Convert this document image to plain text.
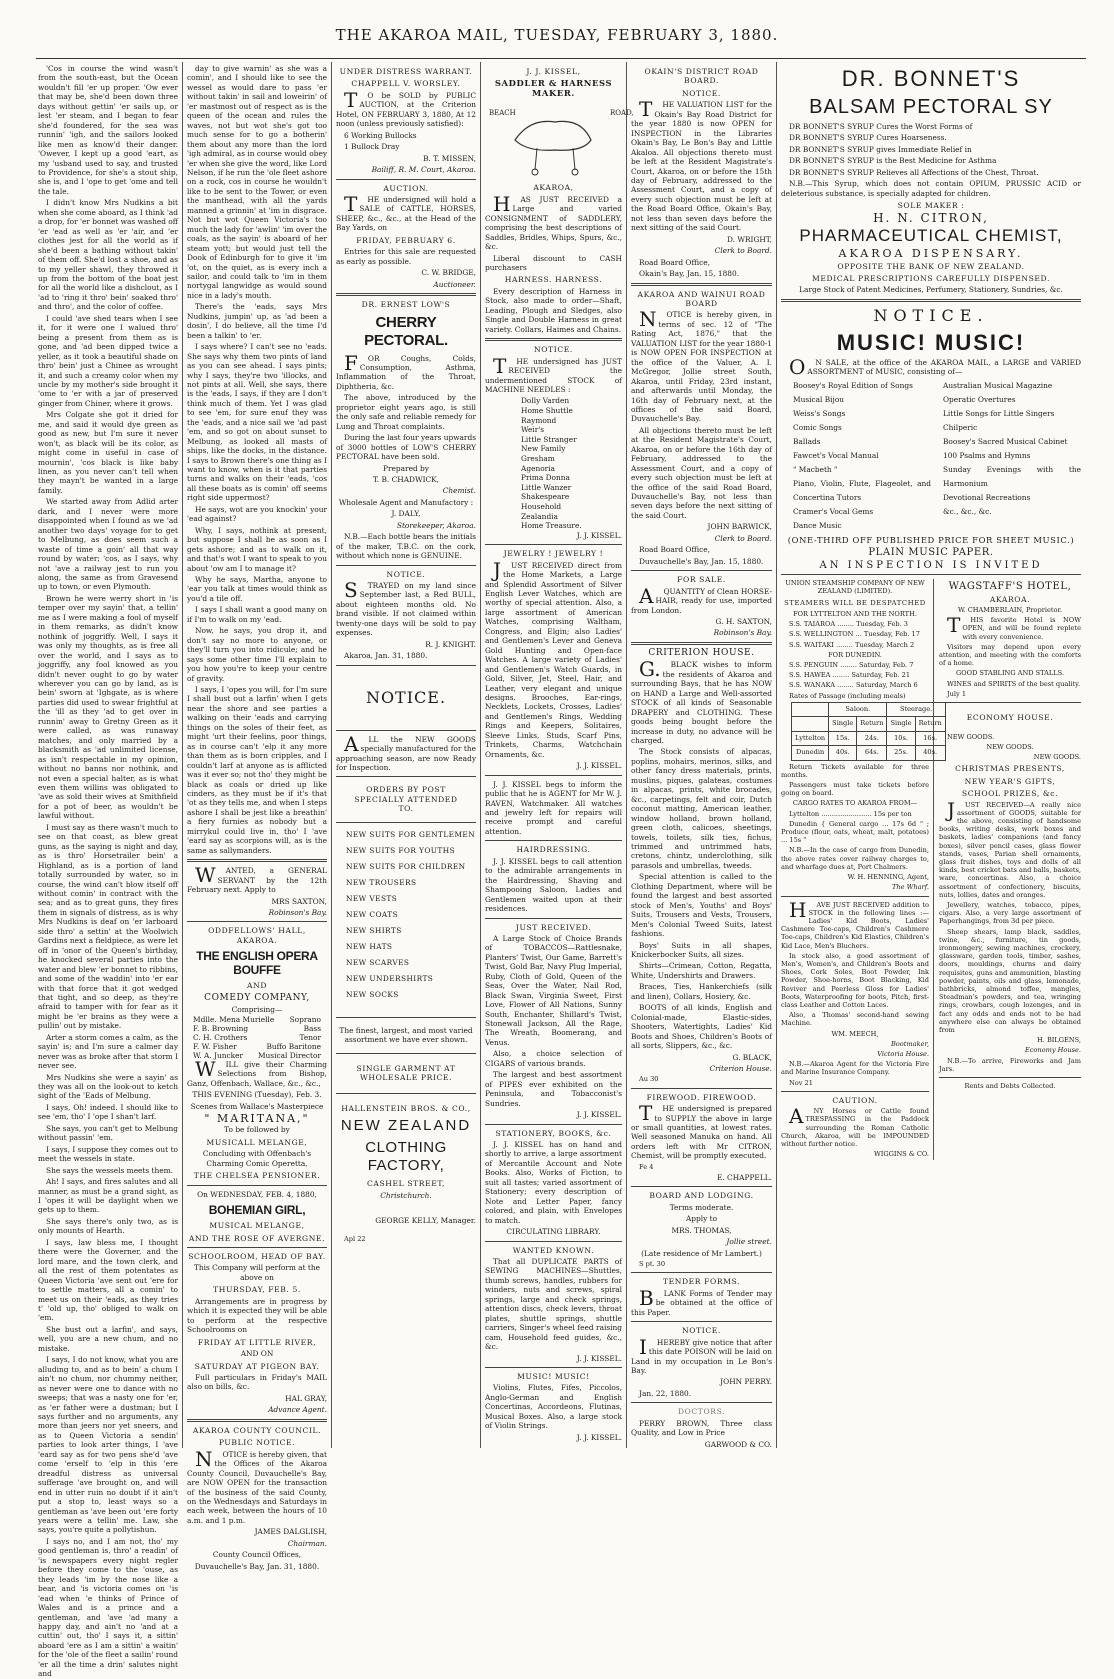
THE AKAROA MAIL, TUESDAY, FEBRUARY 3, 1880.

'Cos in course the wind wasn't from the south-east, but the Ocean wouldn't fill 'er up proper. 'Ow ever that may be, she'd been down three days without gettin' 'er sails up, or lest 'er steam, and I began to fear she'd foundered, for the sea was runnin' 'igh, and the sailors looked like men as know'd their danger. 'Owever, I kept up a good 'eart, as my 'usband used to say, and trusted to Providence, for she's a stout ship, she is, and I 'ope to get 'ome and tell the tale.

I didn't know Mrs Nudkins a bit when she come aboard, as I think 'ad a drop, for 'er bonnet was washed off 'er 'ead as well as 'er 'air, and 'er clothes jest for all the world as if she'd been a bathing without takin' of them off. She'd lost a shoe, and as to my yeller shawl, they throwed it up from the bottom of the boat jest for all the world like a dishclout, as I 'ad to 'ring it thro' bein' soaked thro' and thro', and the color of coffee.

I could 'ave shed tears when I see it, for it were one I walued thro' being a present from them as is gone, and 'ad been dipped twice a yeller, as it took a beautiful shade on thro' bein' just a Chinee as wrought it, and such a creamy color when my uncle by my mother's side brought it 'ome to 'er with a jar of preserved ginger from Chiner, where it grows.

Mrs Colgate she got it dried for me, and said it would dye green as good as new, but I'm sure it never won't, as black will be its color, as might come in useful in case of mournin', 'cos black is like baby linen, as you never can't tell when they mayn't be wanted in a large family.

We started away from Adlid arter dark, and I never were more disappointed when I found as we 'ad another two days' voyage for to get to Melbung, as does seem such a waste of time a goin' all that way round by water; 'cos, as I says, why not 'ave a railway jest to run you along, the same as from Gravesend up to town, or even Plymouth.

Brown he were werry short in 'is temper over my sayin' that, a tellin' me as I were making a fool of myself in them remarks, as didn't know nothink of joggriffy. Well, I says it was only my thoughts, as is free all over the world, and I says as to joggriffy, any fool knowed as you didn't never ought to go by water wherever you can go by land, as is bein' sworn at 'Ighgate, as is where parties did used to swear frightful at the 'ill as they 'ad to get over in runnin' away to Gretny Green as it were called, as was runaway matches, and only married by a blacksmith as 'ad unlimited license, as isn't respectable in my opinion, without no banns nor nothink, and not even a special halter, as is what even them willins was obligated to 'ave as sold their wives at Smithfield for a pot of beer, as wouldn't be lawful without.

I must say as there wasn't much to see on that coast, as blew great guns, as the saying is night and day, as is thro' Horsetrailer bein' a Highland, as is a portion of land totally surrounded by water, so in course, the wind can't blow itself off without comin' in contract with the sea; and as to great guns, they fires them in signals of distress, as is why Mrs Nudkins is deaf on 'er larboard side thro' a settin' at the Woolwich Gardins next a fieldpiece, as were let off in 'onor of the Queen's birthday, he knocked several parties into the water and blew 'er bonnet to ribbins, and some of the waddin' into 'er ear with that force that it got wedged that tight, and so deep, as they're afraid to tamper with for fear as it might be 'er brains as they were a pullin' out by mistake.

Arter a storm comes a calm, as the sayin' is; and I'm sure a calmer day never was as broke after that storm I never see.

Mrs Nudkins she were a sayin' as they was all on the look-out to ketch sight of the 'Eads of Melbung.

I says, Oh! indeed. I should like to see 'em, tho' I 'ope I shan't larf.

She says, you can't get to Melbung without passin' 'em.

I says, I suppose they comes out to meet the wessels in state.

She says the wessels meets them.

Ah! I says, and fires salutes and all manner, as must be a grand sight, as I 'opes it will be daylight when we gets up to them.

She says there's only two, as is only mounts of Hearth.

I says, law bless me, I thought there were the Governer, and the lord mare, and the town clerk, and all the rest of them potentates as Queen Victoria 'ave sent out 'ere for to settle matters, all a comin' to meet us on their 'eads, as they tries t' 'old up, tho' obliged to walk on 'em.

She bust out a larfin', and says, well, you are a new chum, and no mistake.

I says, I do not know, what you are alluding to, and as to bein' a chum I ain't no chum, nor chummy neither, as never were one to dance with no sweeps; that was a nasty one for 'er, as 'er father were a dustman; but I says further and no arguments, any more than jeers nor yet sneers, and as to Queen Victoria a sendin' parties to look arter things, I 'ave 'eard say as for two pens she'd 'ave come 'erself to 'elp in this 'ere dreadful distress as universal sufferage 'ave brought on, and will end in utter ruin no doubt if it ain't put a stop to, least ways so a gentleman as 'ave been out 'ere forty years were a tellin' me. Law, she says, you're quite a pollytishun.

I says no, and I am not, tho' my good gentleman is, thro' a readin' of 'is newspapers every night regler before they come to the 'ouse, as they leads 'im by the nose like a bear, and 'is victoria comes on 'is 'ead when 'e thinks of Prince of Wales and is a prince and a gentleman, and 'ave 'ad many a happy day, and ain't no 'and at a cuttin' out, tho' I says it, a sittin' aboard 'ere as I am a sittin' a waitin' for the 'ole of the fleet a sailin' round 'er all the time a drin' salutes night and

day to give warnin' as she was a comin', and I should like to see the wessel as would dare to pass 'er without takin' in sail and loweirin' of 'er mastmost out of respect as is the queen of the ocean and rules the waves, not but wot she's got too much sense for to go a botherin' them about any more than the lord 'igh admiral, as in course would obey 'er when she give the word, like Lord Nelson, if he run the 'ole fleet ashore on a rock, cos in course he wouldn't like to be sent to the Tower, or even the manthead, with all the yards manned a grinnin' at 'im in disgrace. Not but wot Queen Victoria's too much the lady for 'awlin' 'im over the coals, as the sayin' is aboard of her steam yott; but would just tell the Dook of Edinburgh for to give it 'im 'ot, on the quiet, as is every inch a sailor, and could talk to 'im in them nortygal langwidge as would sound nice in a lady's mouth.

There's the 'eads, says Mrs Nudkins, jumpin' up, as 'ad been a dosin', I do believe, all the time I'd been a talkin' to 'er.

I says where? I can't see no 'eads. She says why them two pints of land as you can see ahead. I says pints; why I says, they're two 'illocks, and not pints at all. Well, she says, there is the 'eads, I says, if they are I don't think much of them. Yet I was glad to see 'em, for sure enuf they was the 'eads, and a nice sail we 'ad past 'em, and so got on about sunset to Melbung, as looked all masts of ships, like the docks, in the distance. I says to Brown there's one thing as I want to know, when is it that parties turns and walks on their 'eads, 'cos all these boats as is comin' off seems right side uppermost?

He says, wot are you knockin' your 'ead against?

Why, I says, nothink at present, but suppose I shall be as soon as I gets ashore; and as to walk on it, and that's wot I want to speak to you about 'ow am I to manage it?

Why he says, Martha, anyone to 'ear you talk at times would think as you'd a tile off.

I says I shall want a good many on if I'm to walk on my 'ead.

Now, he says, you drop it, and don't say no more to anyone, or they'll turn you into ridicule; and he says some other time I'll explain to you how you're to keep your centre of gravity.

I says, I 'opes you will, for I'm sure I shall bust out a larfin' when I gets near the shore and see parties a walking on their 'eads and carrying things on the soles of their feet, as might 'urt their feelins, poor things, as in course can't 'elp it any more than them as is born cripples, and I couldn't larf at anyone as is afflicted was it ever so; not tho' they might be black as coals or dried up like cinders, as they must be if it's that 'ot as they tells me, and when I steps ashore I shall be jest like a breathin' a fiery furnies as nobody but a mirrykul could live in, tho' I 'ave 'eard say as scorpions will, as is the same as sallymanders.

WANTED, a GENERAL SERVANT by the 12th February next. Apply to

MRS SAXTON,

Robinson's Bay.

ODDFELLOWS' HALL, AKAROA.
THE ENGLISH OPERA BOUFFE
AND
COMEDY COMPANY,
Comprising—
Mdlle. Mena Murielle Soprano
F. B. Browning	Bass
C. H. Crothers	Tenor
F. W. Fisher	Buffo Baritone
W. A. Juncker Musical Director

WILL give their Charming Selections from Bishop, Ganz, Offenbach, Wallace, &c., &c.,

THIS EVENING (Tuesday), Feb. 3.

Scenes from Wallace's Masterpiece

" MARITANA,"

To be followed by

MUSICALL MELANGE,

Concluding with Offenbach's Charming Comic Operetta,

THE CHELSEA PENSIONER.

On WEDNESDAY, FEB. 4, 1880,

BOHEMIAN GIRL,
MUSICAL MELANGE,
AND THE ROSE OF AVERGNE.
SCHOOLROOM, HEAD OF BAY.

This Company will perform at the above on

THURSDAY, FEB. 5.

Arrangements are in progress by which it is expected they will be able to perform at the respective Schoolrooms on

FRIDAY AT LITTLE RIVER,

AND ON

SATURDAY AT PIGEON BAY.

Full particulars in Friday's MAIL also on bills, &c.

HAL GRAY,

Advance Agent.

AKAROA COUNTY COUNCIL.
PUBLIC NOTICE.

NOTICE is hereby given, that the Offices of the Akaroa County Council, Duvauchelle's Bay, are NOW OPEN for the transaction of the business of the said County, on the Wednesdays and Saturdays in each week, between the hours of 10 a.m. and 1 p.m.

JAMES DALGLISH,

Chairman.

County Council Offices,

Duvauchelle's Bay, Jan. 31, 1880.

UNDER DISTRESS WARRANT.
CHAPPELL V. WORSLEY.

TO be SOLD by PUBLIC AUCTION, at the Criterion Hotel, ON FEBRUARY 3, 1880, At 12 noon (unless previously satisfied):

6 Working Bullocks

1 Bullock Dray

B. T. MISSEN,

Bailiff, R. M. Court, Akaroa.

AUCTION.

THE undersigned will hold a SALE of CATTLE, HORSES, SHEEP, &c., &c., at the Head of the Bay Yards, on

FRIDAY, FEBRUARY 6.

Entries for this sale are requested as early as possible.

C. W. BRIDGE,

Auctioneer.

DR. ERNEST LOW'S
CHERRY PECTORAL.

FOR Coughs, Colds, Consumption, Asthma, Inflammation of the Throat, Diphtheria, &c.

The above, introduced by the proprietor eight years ago, is still the only safe and reliable remedy for Lung and Throat complaints.

During the last four years upwards of 3000 bottles of LOW'S CHERRY PECTORAL have been sold.

Prepared by

T. B. CHADWICK,

Chemist.

Wholesale Agent and Manufactory :

J. DALY,

Storekeeper, Akaroa.

N.B.—Each bottle bears the initials of the maker, T.B.C. on the cork, without which none is GENUINE.

NOTICE.

STRAYED on my land since September last, a Red BULL, about eighteen months old. No brand visible. If not claimed within twenty-one days will be sold to pay expenses.

R. J. KNIGHT.

Akaroa, Jan. 31, 1880.

NOTICE.

ALL the NEW GOODS specially manufactured for the approaching season, are now Ready for Inspection.

ORDERS BY POST SPECIALLY ATTENDED TO.
NEW SUITS FOR GENTLEMEN
NEW SUITS FOR YOUTHS
NEW SUITS FOR CHILDREN
NEW TROUSERS
NEW VESTS
NEW COATS
NEW SHIRTS
NEW HATS
NEW SCARVES
NEW UNDERSHIRTS
NEW SOCKS

The finest, largest, and most varied assortment we have ever shown.

SINGLE GARMENT AT WHOLESALE PRICE.
HALLENSTEIN BROS. & CO.,
NEW ZEALAND
CLOTHING FACTORY,
CASHEL STREET,

Christchurch.

GEORGE KELLY, Manager.

Apl 22

J. J. KISSEL,
SADDLER & HARNESS MAKER.
BEACH	ROAD,
AKAROA,

HAS JUST RECEIVED a Large and varied CONSIGNMENT of SADDLERY, comprising the best descriptions of Saddles, Bridles, Whips, Spurs, &c., &c.

Liberal discount to CASH purchasers

HARNESS. HARNESS.

Every description of Harness in Stock, also made to order—Shaft, Leading, Plough and Sledges, also Single and Double Harness in great variety. Collars, Haimes and Chains.

NOTICE.

THE undersigned has JUST RECEIVED the undermentioned STOCK of MACHINE NEEDLES :

Dolly Varden
Home Shuttle
Raymond
Weir's
Little Stranger
New Family
Gresham
Agenoria
Prima Donna
Little Wanzer
Shakespeare
Household
Zealandia
Home Treasure.

J. J. KISSEL.

JEWELRY ! JEWELRY !

JUST RECEIVED direct from the Home Markets, a Large and Splendid Assortment of Silver English Lever Watches, which are worthy of special attention. Also, a large assortment of American Watches, comprising Waltham, Congress, and Elgin; also Ladies' and Gentlemen's Lever and Geneva Gold Hunting and Open-face Watches. A large variety of Ladies' and Gentlemen's Watch Guards, in Gold, Silver, Jet, Steel, Hair, and Leather, very elegant and unique designs. Brooches, Ear-rings, Necklets, Lockets, Crosses, Ladies' and Gentlemen's Rings, Wedding Rings and Keepers, Solitaires, Sleeve Links, Studs, Scarf Pins, Trinkets, Charms, Watchchain Ornaments, &c.

J. J. KISSEL.

J. J. KISSEL begs to inform the public that he is AGENT for Mr W. J. RAVEN, Watchmaker. All watches and jewelry left for repairs will receive prompt and careful attention.

HAIRDRESSING.

J. J. KISSEL begs to call attention to the admirable arrangements in the Hairdressing, Shaving and Shampooing Saloon. Ladies and Gentlemen waited upon at their residences.

JUST RECEIVED.

A Large Stock of Choice Brands of TOBACCOS—Rattlesnake, Planters' Twist, Our Game, Barrett's Twist, Gold Bar, Navy Plug Imperial, Ruby, Cloth of Gold, Queen of the Seas, Over the Water, Nail Rod, Black Swan, Virginia Sweet, First Love, Flower of All Nations, Sunny South, Enchanter, Shillard's Twist, Stonewall Jackson, All the Rage, The Wreath, Boomerang, and Venus.

Also, a choice selection of CIGARS of various brands.

The largest and best assortment of PIPES ever exhibited on the Peninsula, and Tobacconist's Sundries.

J. J. KISSEL.

STATIONERY, BOOKS, &c.

J. J. KISSEL has on hand and shortly to arrive, a large assortment of Mercantile Account and Note Books. Also, Works of Fiction, to suit all tastes; varied assortment of Stationery; every description of Note and Letter Paper, fancy colored, and plain, with Envelopes to match.

CIRCULATING LIBRARY.

WANTED KNOWN.

That all DUPLICATE PARTS of SEWING MACHINES—Shuttles, thumb screws, handles, rubbers for winders, nuts and screws, spiral springs, large and check springs, attention discs, check levers, throat plates, shuttle springs, shuttle carriers, Singer's wheel feed raising cam, Household feed guides, &c., &c.

J. J. KISSEL.

MUSIC! MUSIC!

Violins, Flutes, Fifes, Piccolos, Anglo-German and English Concertinas, Accordeons, Flutinas, Musical Boxes. Also, a large stock of Violin Strings.

J. J. KISSEL.

OKAIN'S DISTRICT ROAD BOARD.
NOTICE.

THE VALUATION LIST for the Okain's Bay Road District for the year 1880 is now OPEN for INSPECTION in the Libraries Okain's Bay, Le Bon's Bay and Little Akaloa. All objections thereto must be left at the Resident Magistrate's Court, Akaroa, on or before the 15th day of February, addressed to the Assessment Court, and a copy of every such objection must be left at the Road Board Office, Okain's Bay, not less than seven days before the next sitting of the said Court.

D. WRIGHT,

Clerk to Board.

Road Board Office,

Okain's Bay, Jan. 15, 1880.

AKAROA AND WAINUI ROAD BOARD

NOTICE is hereby given, in terms of sec. 12 of "The Rating Act, 1876," that the VALUATION LIST for the year 1880-1 is NOW OPEN FOR INSPECTION at the office of the Valuer, A. I. McGregor, Jollie street South, Akaroa, until Friday, 23rd instant, and afterwards until Monday, the 16th day of February next, at the offices of the said Board, Duvauchelle's Bay.

All objections thereto must be left at the Resident Magistrate's Court, Akaroa, on or before the 16th day of February, addressed to the Assessment Court, and a copy of every such objection must be left at the office of the said Road Board, Duvauchelle's Bay, not less than seven days before the next sitting of the said Court.

JOHN BARWICK,

Clerk to Board.

Road Board Office,

Duvauchelle's Bay, Jan. 15, 1880.

FOR SALE.

AQUANTITY of Clean HORSE-HAIR, ready for use, imported from London.

G. H. SAXTON,

Robinson's Bay.

CRITERION HOUSE.

G.BLACK wishes to inform the residents of Akaroa and surrounding Bays, that he has NOW on HAND a Large and Well-assorted STOCK of all kinds of Seasonable DRAPERY and CLOTHING. These goods being bought before the increase in duty, no advance will be charged.

The Stock consists of alpacas, poplins, mohairs, merinos, silks, and other fancy dress materials, prints, muslins, piques, galateas, costumes in alpacas, prints, white brocades, &c., carpetings, felt and coir, Dutch coconut matting, American leather, window holland, brown holland, green cloth, calicoes, sheetings, towels, toilets, silk ties, fichus, trimmed and untrimmed hats, cretons, chintz, underclothing, silk parasols and umbrellas, tweeds.

Special attention is called to the Clothing Department, where will be found the largest and best assorted stock of Men's, Youths' and Boys' Suits, Trousers and Vests, Trousers, Men's Colonial Tweed Suits, latest fashions.

Boys' Suits in all shapes, Knickerbocker Suits, all sizes.

Shirts—Crimean, Cotton, Regatta, White, Undershirts and Drawers.

Braces, Ties, Hankerchiefs (silk and linen), Collars, Hosiery, &c.

BOOTS of all kinds, English and Colonial-made, Elastic-sides, Shooters, Watertights, Ladies' Kid Boots and Shoes, Children's Boots of all sorts, Slippers, &c., &c.

G. BLACK,

Criterion House.

Au 30

FIREWOOD. FIREWOOD.

THE undersigned is prepared to SUPPLY the above in large or small quantities, at lowest rates. Well seasoned Manuka on hand. All orders left with Mr CITRON, Chemist, will be promptly executed.

Fe 4

E. CHAPPELL.

BOARD AND LODGING.

Terms moderate.

Apply to

MRS. THOMAS,

Jollie street.

(Late residence of Mr Lambert.)

S pt. 30

TENDER FORMS.

BLANK Forms of Tender may be obtained at the office of this Paper.

NOTICE.

IHEREBY give notice that after this date POISON will be laid on Land in my occupation in Le Bon's Bay.

JOHN PERRY.

Jan. 22, 1880.

DOCTORS.

PERRY BROWN, Three class Quality, and Low in Price

GARWOOD & CO.

DR. BONNET'S
BALSAM PECTORAL SY

DR BONNET'S SYRUP Cures the Worst Forms of

DR BONNET'S SYRUP Cures Hoarseness.

DR BONNET'S SYRUP gives Immediate Relief in

DR BONNET'S SYRUP is the Best Medicine for Asthma

DR BONNET'S SYRUP Relieves all Affections of the Chest, Throat.

N.B.—This Syrup, which does not contain OPIUM, PRUSSIC ACID or deleterious substance, is specially adapted for children.

SOLE MAKER :
H. N. CITRON,
PHARMACEUTICAL CHEMIST,
AKAROA DISPENSARY.
OPPOSITE THE BANK OF NEW ZEALAND.
MEDICAL PRESCRIPTIONS CAREFULLY DISPENSED.

Large Stock of Patent Medicines, Perfumery, Stationery, Sundries, &c.

NOTICE.
MUSIC! MUSIC!

ON SALE, at the office of the AKAROA MAIL, a LARGE and VARIED ASSORTMENT of MUSIC, consisting of—

Boosey's Royal Edition of Songs
Musical Bijou
Weiss's Songs
Comic Songs
Ballads
Fawcet's Vocal Manual
" Macbeth "
Piano, Violin, Flute, Flageolet, and Concertina Tutors
Cramer's Vocal Gems
Dance Music
Australian Musical Magazine
Operatic Overtures
Little Songs for Little Singers
Chilperic
Boosey's Sacred Musical Cabinet
100 Psalms and Hymns
Sunday Evenings with the Harmonium
Devotional Recreations
&c., &c., &c.
(ONE-THIRD OFF PUBLISHED PRICE FOR SHEET MUSIC.)
PLAIN MUSIC PAPER.
AN INSPECTION IS INVITED

UNION STEAMSHIP COMPANY OF NEW ZEALAND (LIMITED).

STEAMERS WILL BE DESPATCHED

FOR LYTTELTON AND THE NORTH.

S.S. TAIAROA ........ Tuesday, Feb. 3

S.S. WELLINGTON ... Tuesday, Feb. 17

S.S. WAITAKI ........ Tuesday, March 2

FOR DUNEDIN.

S.S. PENGUIN ........ Saturday, Feb. 7

S.S. HAWEA ........ Saturday, Feb. 21

S.S. WANAKA ........ Saturday, March 6

Rates of Passage (including meals)

	Saloon.		Steerage.	
	Single	Return	Single	Return
Lyttelton	15s.	24s.	10s.	16s.
Dunedin	40s.	64s.	25s.	40s.

Return Tickets available for three months.

Passengers must take tickets before going on board.

CARGO RATES TO AKAROA FROM—

Lyttelton ........................ 15s per ton

Dunedin { General cargo ... 17s 6d " ; Produce (flour, oats, wheat, malt, potatoes) ... 15s "

N.B.—In the case of cargo from Dunedin, the above rates cover railway charges to, and wharfage dues at, Port Chalmers.

W. H. HENNING, Agent,

The Wharf.

HAVE JUST RECEIVED addition to STOCK in the following lines :—Ladies' Kid Boots, Ladies' Cashmere Toe-caps, Children's Cashmere Toe-caps, Children's Kid Elastics, Children's Kid Lace, Men's Bluchers.

In stock also, a good assortment of Men's, Women's, and Children's Boots and Shoes, Cork Soles, Boot Powder, Ink Powder, Shoe-horns, Boot Blacking, Kid Reviver and Peerless Gloss for Ladies' Boots, Waterproofing for boots, Pitch, first-class Leather and Cotton Laces.

Also, a Thomas' second-hand sewing Machine.

WM. MEECH,

Bootmaker,

Victoria House.

N.B.—Akaroa Agent for the Victoria Fire and Marine Insurance Company.

Nov 21

CAUTION.

ANY Horses or Cattle found TRESPASSING in the Paddock surrounding the Roman Catholic Church, Akaroa, will be IMPOUNDED without further notice.

WIGGINS & CO.

WAGSTAFF'S HOTEL,
AKAROA.

W. CHAMBERLAIN, Proprietor.

THIS favorite Hotel is NOW OPEN, and will be found replete with every convenience.

Visitors may depend upon every attention, and meeting with the comforts of a home.

GOOD STABLING AND STALLS.

WINES and SPIRITS of the best quality.

July 1

ECONOMY HOUSE.

NEW GOODS.

NEW GOODS.

NEW GOODS.

CHRISTMAS PRESENTS,
NEW YEAR'S GIFTS,
SCHOOL PRIZES, &c.

JUST RECEIVED—A really nice assortment of GOODS, suitable for the above, consisting of handsome books, writing desks, work boxes and baskets, ladies' companions (and fancy boxes), silver pencil cases, glass flower stands, vases, Parian shell ornaments, glass fruit dishes, toys and dolls of all kinds, best cricket bats and balls, baskets, ware, concertinas. Also, a choice assortment of confectionery, biscuits, nuts, lollies, dates and oranges.

Jewellery, watches, tobacco, pipes, cigars. Also, a very large assortment of Paperhangings, from 3d per piece.

Sheep shears, lamp black, saddles, twine, &c., furniture, tin goods, ironmongery, sewing machines, crockery, glassware, garden tools, timber, sashes, doors, mouldings, churns and dairy requisites, guns and ammunition, blasting powder, paints, oils and glass, lemonade, bathbricks, almond toffee, mangles, Steadman's powders, and tea, wringing rings, crowbars, cough lozenges, and in fact any odds and ends not to be had anywhere else can always be obtained from

H. BILGENS,

Economy House.

N.B.—To arrive, Fireworks and Jam Jars.

Rents and Debts Collected.
